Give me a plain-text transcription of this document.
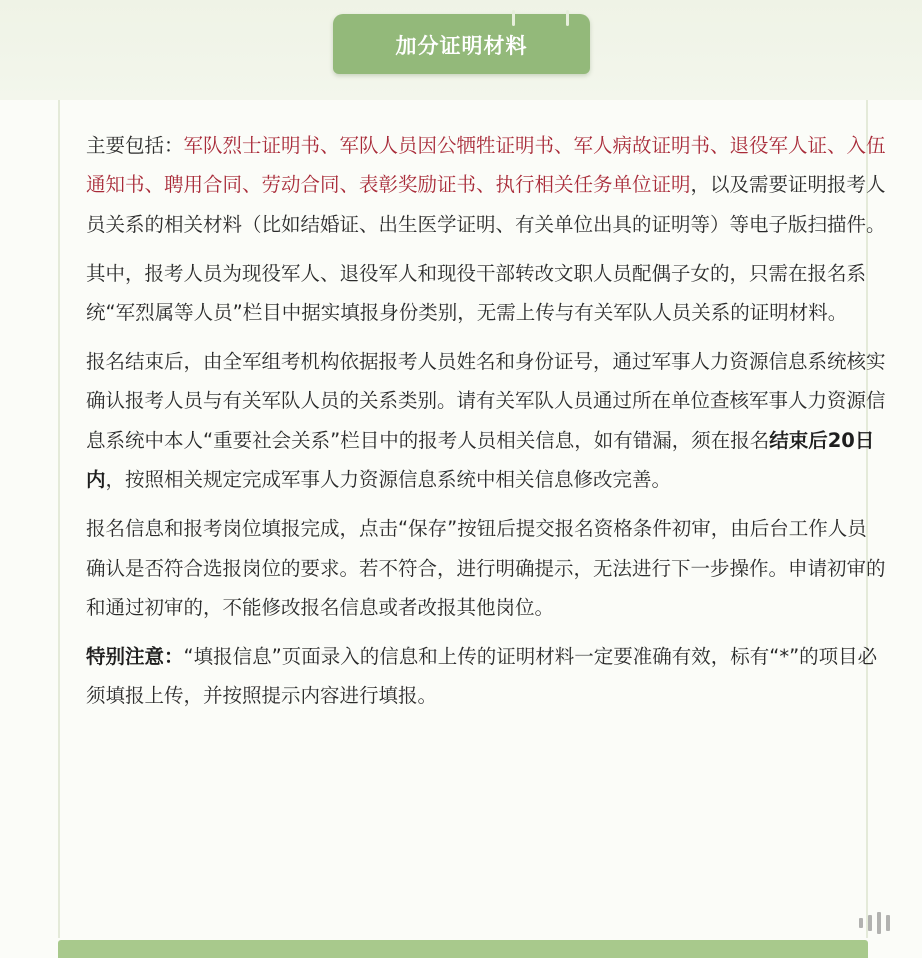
加分证明材料

主要包括：军队烈士证明书、军队人员因公牺牲证明书、军人病故证明书、退役军人证、入伍通知书、聘用合同、劳动合同、表彰奖励证书、执行相关任务单位证明，以及需要证明报考人员关系的相关材料（比如结婚证、出生医学证明、有关单位出具的证明等）等电子版扫描件。

其中，报考人员为现役军人、退役军人和现役干部转改文职人员配偶子女的，只需在报名系统“军烈属等人员”栏目中据实填报身份类别，无需上传与有关军队人员关系的证明材料。

报名结束后，由全军组考机构依据报考人员姓名和身份证号，通过军事人力资源信息系统核实确认报考人员与有关军队人员的关系类别。请有关军队人员通过所在单位查核军事人力资源信息系统中本人“重要社会关系”栏目中的报考人员相关信息，如有错漏，须在报名结束后20日内，按照相关规定完成军事人力资源信息系统中相关信息修改完善。

报名信息和报考岗位填报完成，点击“保存”按钮后提交报名资格条件初审，由后台工作人员确认是否符合选报岗位的要求。若不符合，进行明确提示，无法进行下一步操作。申请初审的和通过初审的，不能修改报名信息或者改报其他岗位。

特别注意：“填报信息”页面录入的信息和上传的证明材料一定要准确有效，标有“*”的项目必须填报上传，并按照提示内容进行填报。
